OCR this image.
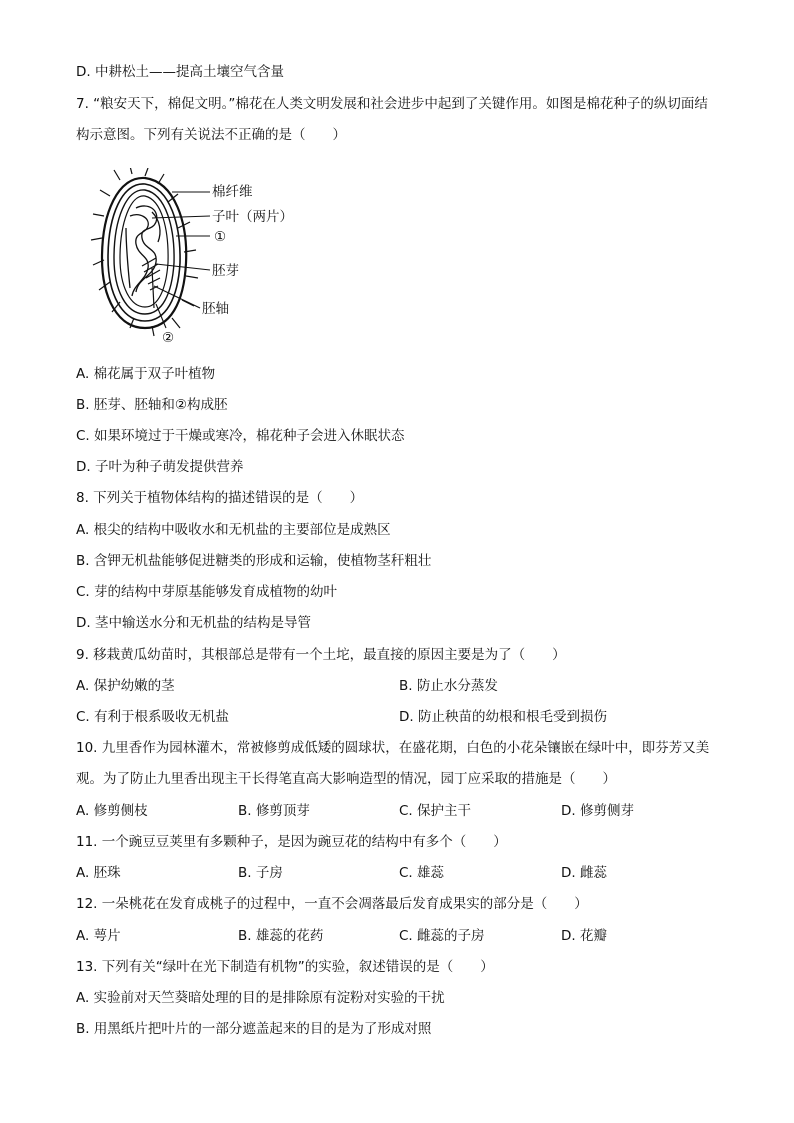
D. 中耕松土——提高土壤空气含量
7. “粮安天下，棉促文明。”棉花在人类文明发展和社会进步中起到了关键作用。如图是棉花种子的纵切面结构示意图。下列有关说法不正确的是（　　）
棉纤维
子叶（两片）
①
胚芽
胚轴
②
A. 棉花属于双子叶植物
B. 胚芽、胚轴和②构成胚
C. 如果环境过于干燥或寒冷，棉花种子会进入休眠状态
D. 子叶为种子萌发提供营养
8. 下列关于植物体结构的描述错误的是（　　）
A. 根尖的结构中吸收水和无机盐的主要部位是成熟区
B. 含钾无机盐能够促进糖类的形成和运输，使植物茎秆粗壮
C. 芽的结构中芽原基能够发育成植物的幼叶
D. 茎中输送水分和无机盐的结构是导管
9. 移栽黄瓜幼苗时，其根部总是带有一个土坨，最直接的原因主要是为了（　　）
A. 保护幼嫩的茎	B. 防止水分蒸发
C. 有利于根系吸收无机盐	D. 防止秧苗的幼根和根毛受到损伤
10. 九里香作为园林灌木，常被修剪成低矮的圆球状，在盛花期，白色的小花朵镶嵌在绿叶中，即芬芳又美观。为了防止九里香出现主干长得笔直高大影响造型的情况，园丁应采取的措施是（　　）
A. 修剪侧枝	B. 修剪顶芽	C. 保护主干	D. 修剪侧芽
11. 一个豌豆豆荚里有多颗种子，是因为豌豆花的结构中有多个（　　）
A. 胚珠	B. 子房	C. 雄蕊	D. 雌蕊
12. 一朵桃花在发育成桃子的过程中，一直不会凋落最后发育成果实的部分是（　　）
A. 萼片	B. 雄蕊的花药	C. 雌蕊的子房	D. 花瓣
13. 下列有关“绿叶在光下制造有机物”的实验，叙述错误的是（　　）
A. 实验前对天竺葵暗处理的目的是排除原有淀粉对实验的干扰
B. 用黑纸片把叶片的一部分遮盖起来的目的是为了形成对照
